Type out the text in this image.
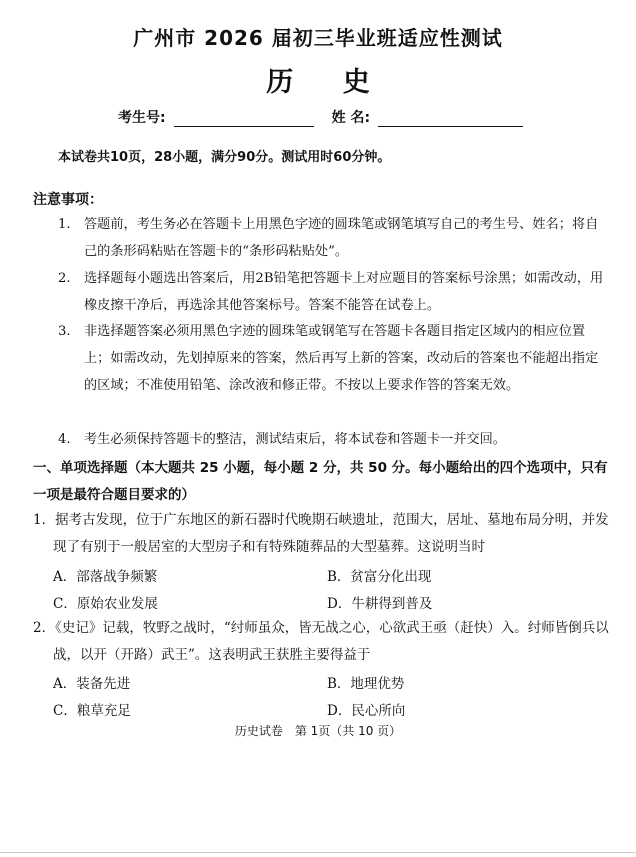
广州市 2026 届初三毕业班适应性测试
历 史
考生号:	姓 名:
本试卷共10页，28小题，满分90分。测试用时60分钟。
注意事项：
1.	答题前，考生务必在答题卡上用黑色字迹的圆珠笔或钢笔填写自己的考生号、姓名；将自己的条形码粘贴在答题卡的“条形码粘贴处”。
2.	选择题每小题选出答案后，用2B铅笔把答题卡上对应题目的答案标号涂黑；如需改动，用橡皮擦干净后，再选涂其他答案标号。答案不能答在试卷上。
3.	非选择题答案必须用黑色字迹的圆珠笔或钢笔写在答题卡各题目指定区域内的相应位置上；如需改动，先划掉原来的答案，然后再写上新的答案，改动后的答案也不能超出指定的区域；不准使用铅笔、涂改液和修正带。不按以上要求作答的答案无效。
4.	考生必须保持答题卡的整洁，测试结束后，将本试卷和答题卡一并交回。
一、单项选择题（本大题共 25 小题，每小题 2 分，共 50 分。每小题给出的四个选项中，只有一项是最符合题目要求的）
1．据考古发现，位于广东地区的新石器时代晚期石峡遗址，范围大，居址、墓地布局分明，并发现了有别于一般居室的大型房子和有特殊随葬品的大型墓葬。这说明当时
A．部落战争频繁	B．贫富分化出现
C．原始农业发展	D．牛耕得到普及
2．《史记》记载，牧野之战时，“纣师虽众，皆无战之心，心欲武王亟（赶快）入。纣师皆倒兵以战，以开（开路）武王”。这表明武王获胜主要得益于
A．装备先进	B．地理优势
C．粮草充足	D．民心所向
历史试卷　第 1页（共 10 页）
